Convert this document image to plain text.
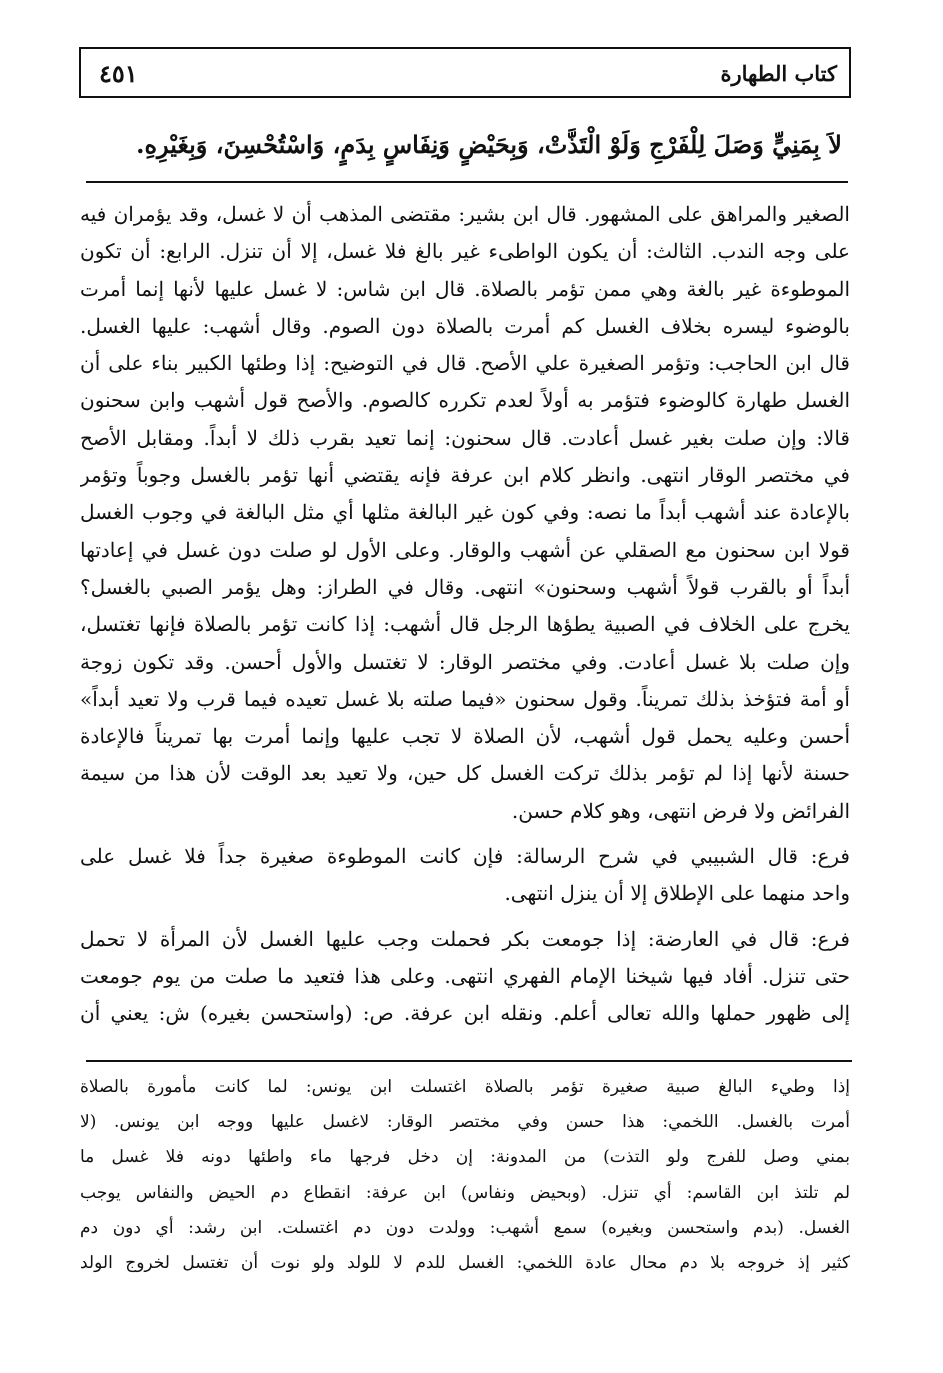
كتاب الطهارة
٤٥١
لاَ بِمَنِيٍّ وَصَلَ لِلْفَرْجِ وَلَوْ الْتَذَّتْ، وَبِحَيْضٍ وَنِفَاسٍ بِدَمٍ، وَاسْتُحْسِنَ، وَبِغَيْرِهِ.
الصغير والمراهق على المشهور. قال ابن بشير: مقتضى المذهب أن لا غسل، وقد يؤمران فيه
على وجه الندب. الثالث: أن يكون الواطىء غير بالغ فلا غسل، إلا أن تنزل. الرابع: أن تكون
الموطوءة غير بالغة وهي ممن تؤمر بالصلاة. قال ابن شاس: لا غسل عليها لأنها إنما أمرت
بالوضوء ليسره بخلاف الغسل كم أمرت بالصلاة دون الصوم. وقال أشهب: عليها الغسل.
قال ابن الحاجب: وتؤمر الصغيرة علي الأصح. قال في التوضيح: إذا وطئها الكبير بناء على أن
الغسل طهارة كالوضوء فتؤمر به أولاً لعدم تكرره كالصوم. والأصح قول أشهب وابن سحنون
قالا: وإن صلت بغير غسل أعادت. قال سحنون: إنما تعيد بقرب ذلك لا أبداً. ومقابل الأصح
في مختصر الوقار انتهى. وانظر كلام ابن عرفة فإنه يقتضي أنها تؤمر بالغسل وجوباً وتؤمر
بالإعادة عند أشهب أبداً ما نصه: وفي كون غير البالغة مثلها أي مثل البالغة في وجوب الغسل
قولا ابن سحنون مع الصقلي عن أشهب والوقار. وعلى الأول لو صلت دون غسل في إعادتها
أبداً أو بالقرب قولاً أشهب وسحنون» انتهى. وقال في الطراز: وهل يؤمر الصبي بالغسل؟
يخرج على الخلاف في الصبية يطؤها الرجل قال أشهب: إذا كانت تؤمر بالصلاة فإنها تغتسل،
وإن صلت بلا غسل أعادت. وفي مختصر الوقار: لا تغتسل والأول أحسن. وقد تكون زوجة
أو أمة فتؤخذ بذلك تمريناً. وقول سحنون «فيما صلته بلا غسل تعيده فيما قرب ولا تعيد أبداً»
أحسن وعليه يحمل قول أشهب، لأن الصلاة لا تجب عليها وإنما أمرت بها تمريناً فالإعادة
حسنة لأنها إذا لم تؤمر بذلك تركت الغسل كل حين، ولا تعيد بعد الوقت لأن هذا من سيمة
الفرائض ولا فرض انتهى، وهو كلام حسن.
فرع: قال الشبيبي في شرح الرسالة: فإن كانت الموطوءة صغيرة جداً فلا غسل على
واحد منهما على الإطلاق إلا أن ينزل انتهى.
فرع: قال في العارضة: إذا جومعت بكر فحملت وجب عليها الغسل لأن المرأة لا تحمل
حتى تنزل. أفاد فيها شيخنا الإمام الفهري انتهى. وعلى هذا فتعيد ما صلت من يوم جومعت
إلى ظهور حملها والله تعالى أعلم. ونقله ابن عرفة. ص: (واستحسن بغيره) ش: يعني أن
إذا وطيء البالغ صبية صغيرة تؤمر بالصلاة اغتسلت ابن يونس: لما كانت مأمورة بالصلاة
أمرت بالغسل. اللخمي: هذا حسن وفي مختصر الوقار: لاغسل عليها ووجه ابن يونس. (لا
بمني وصل للفرج ولو التذت) من المدونة: إن دخل فرجها ماء واطئها دونه فلا غسل ما
لم تلتذ ابن القاسم: أي تنزل. (وبحيض ونفاس) ابن عرفة: انقطاع دم الحيض والنفاس يوجب
الغسل. (بدم واستحسن وبغيره) سمع أشهب: وولدت دون دم اغتسلت. ابن رشد: أي دون دم
كثير إذ خروجه بلا دم محال عادة اللخمي: الغسل للدم لا للولد ولو نوت أن تغتسل لخروج الولد
